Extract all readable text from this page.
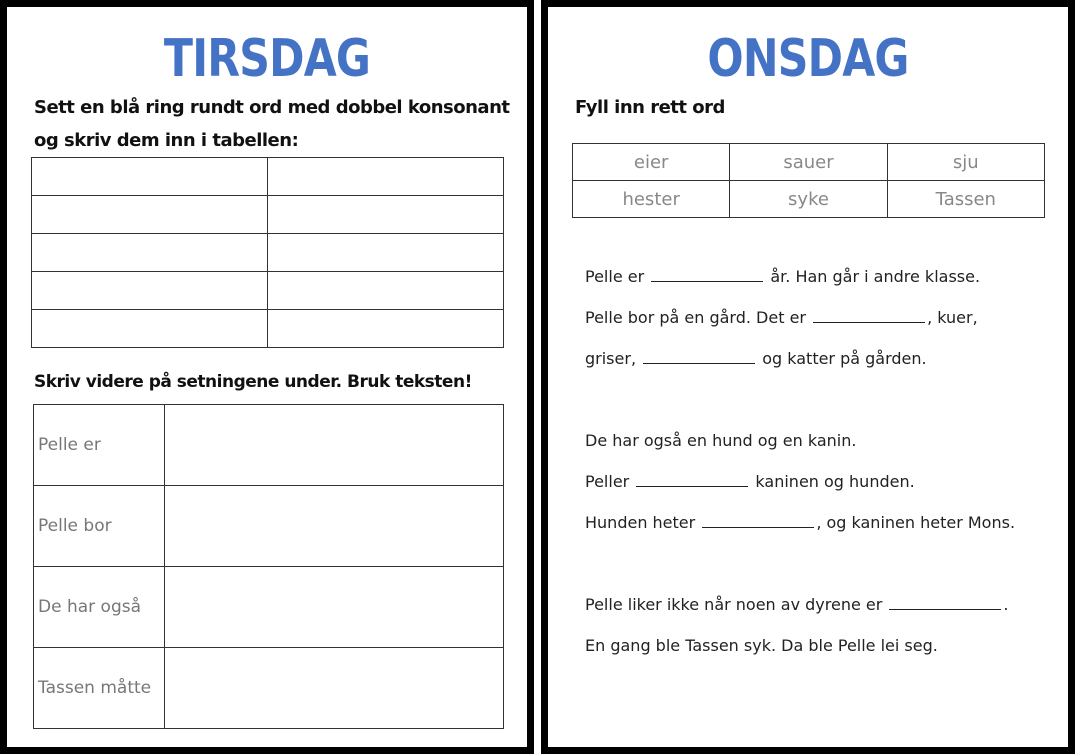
TIRSDAG
Sett en blå ring rundt ord med dobbel konsonant
og skriv dem inn i tabellen:

Skriv videre på setningene under. Bruk teksten!
Pelle er	
Pelle bor	
De har også	
Tassen måtte	
ONSDAG
Fyll inn rett ord
eier	sauer	sju
hester	syke	Tassen
Pelle er	år. Han går i andre klasse.
Pelle bor på en gård. Det er	, kuer,
griser,	og katter på gården.
De har også en hund og en kanin.
Peller	kaninen og hunden.
Hunden heter	, og kaninen heter Mons.
Pelle liker ikke når noen av dyrene er	.
En gang ble Tassen syk. Da ble Pelle lei seg.
